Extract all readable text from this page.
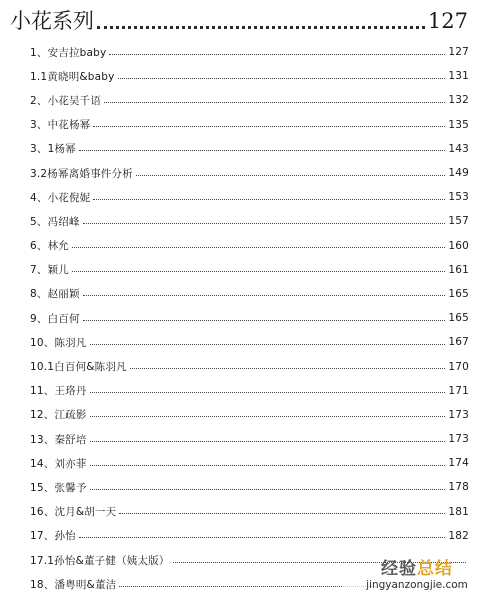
小花系列	127
1、安吉拉baby	127
1.1黄晓明&baby	131
2、小花吴千语	132
3、中花杨幂	135
3、1杨幂	143
3.2杨幂离婚事件分析	149
4、小花倪妮	153
5、冯绍峰	157
6、林允	160
7、颖儿	161
8、赵丽颖	165
9、白百何	165
10、陈羽凡	167
10.1白百何&陈羽凡	170
11、王珞丹	171
12、江疏影	173
13、秦舒培	173
14、刘亦菲	174
15、张馨予	178
16、沈月&胡一天	181
17、孙怡	182
17.1孙怡&董子健（姨太版）
18、潘粤明&董洁
经验总结
jingyanzongjie.com
